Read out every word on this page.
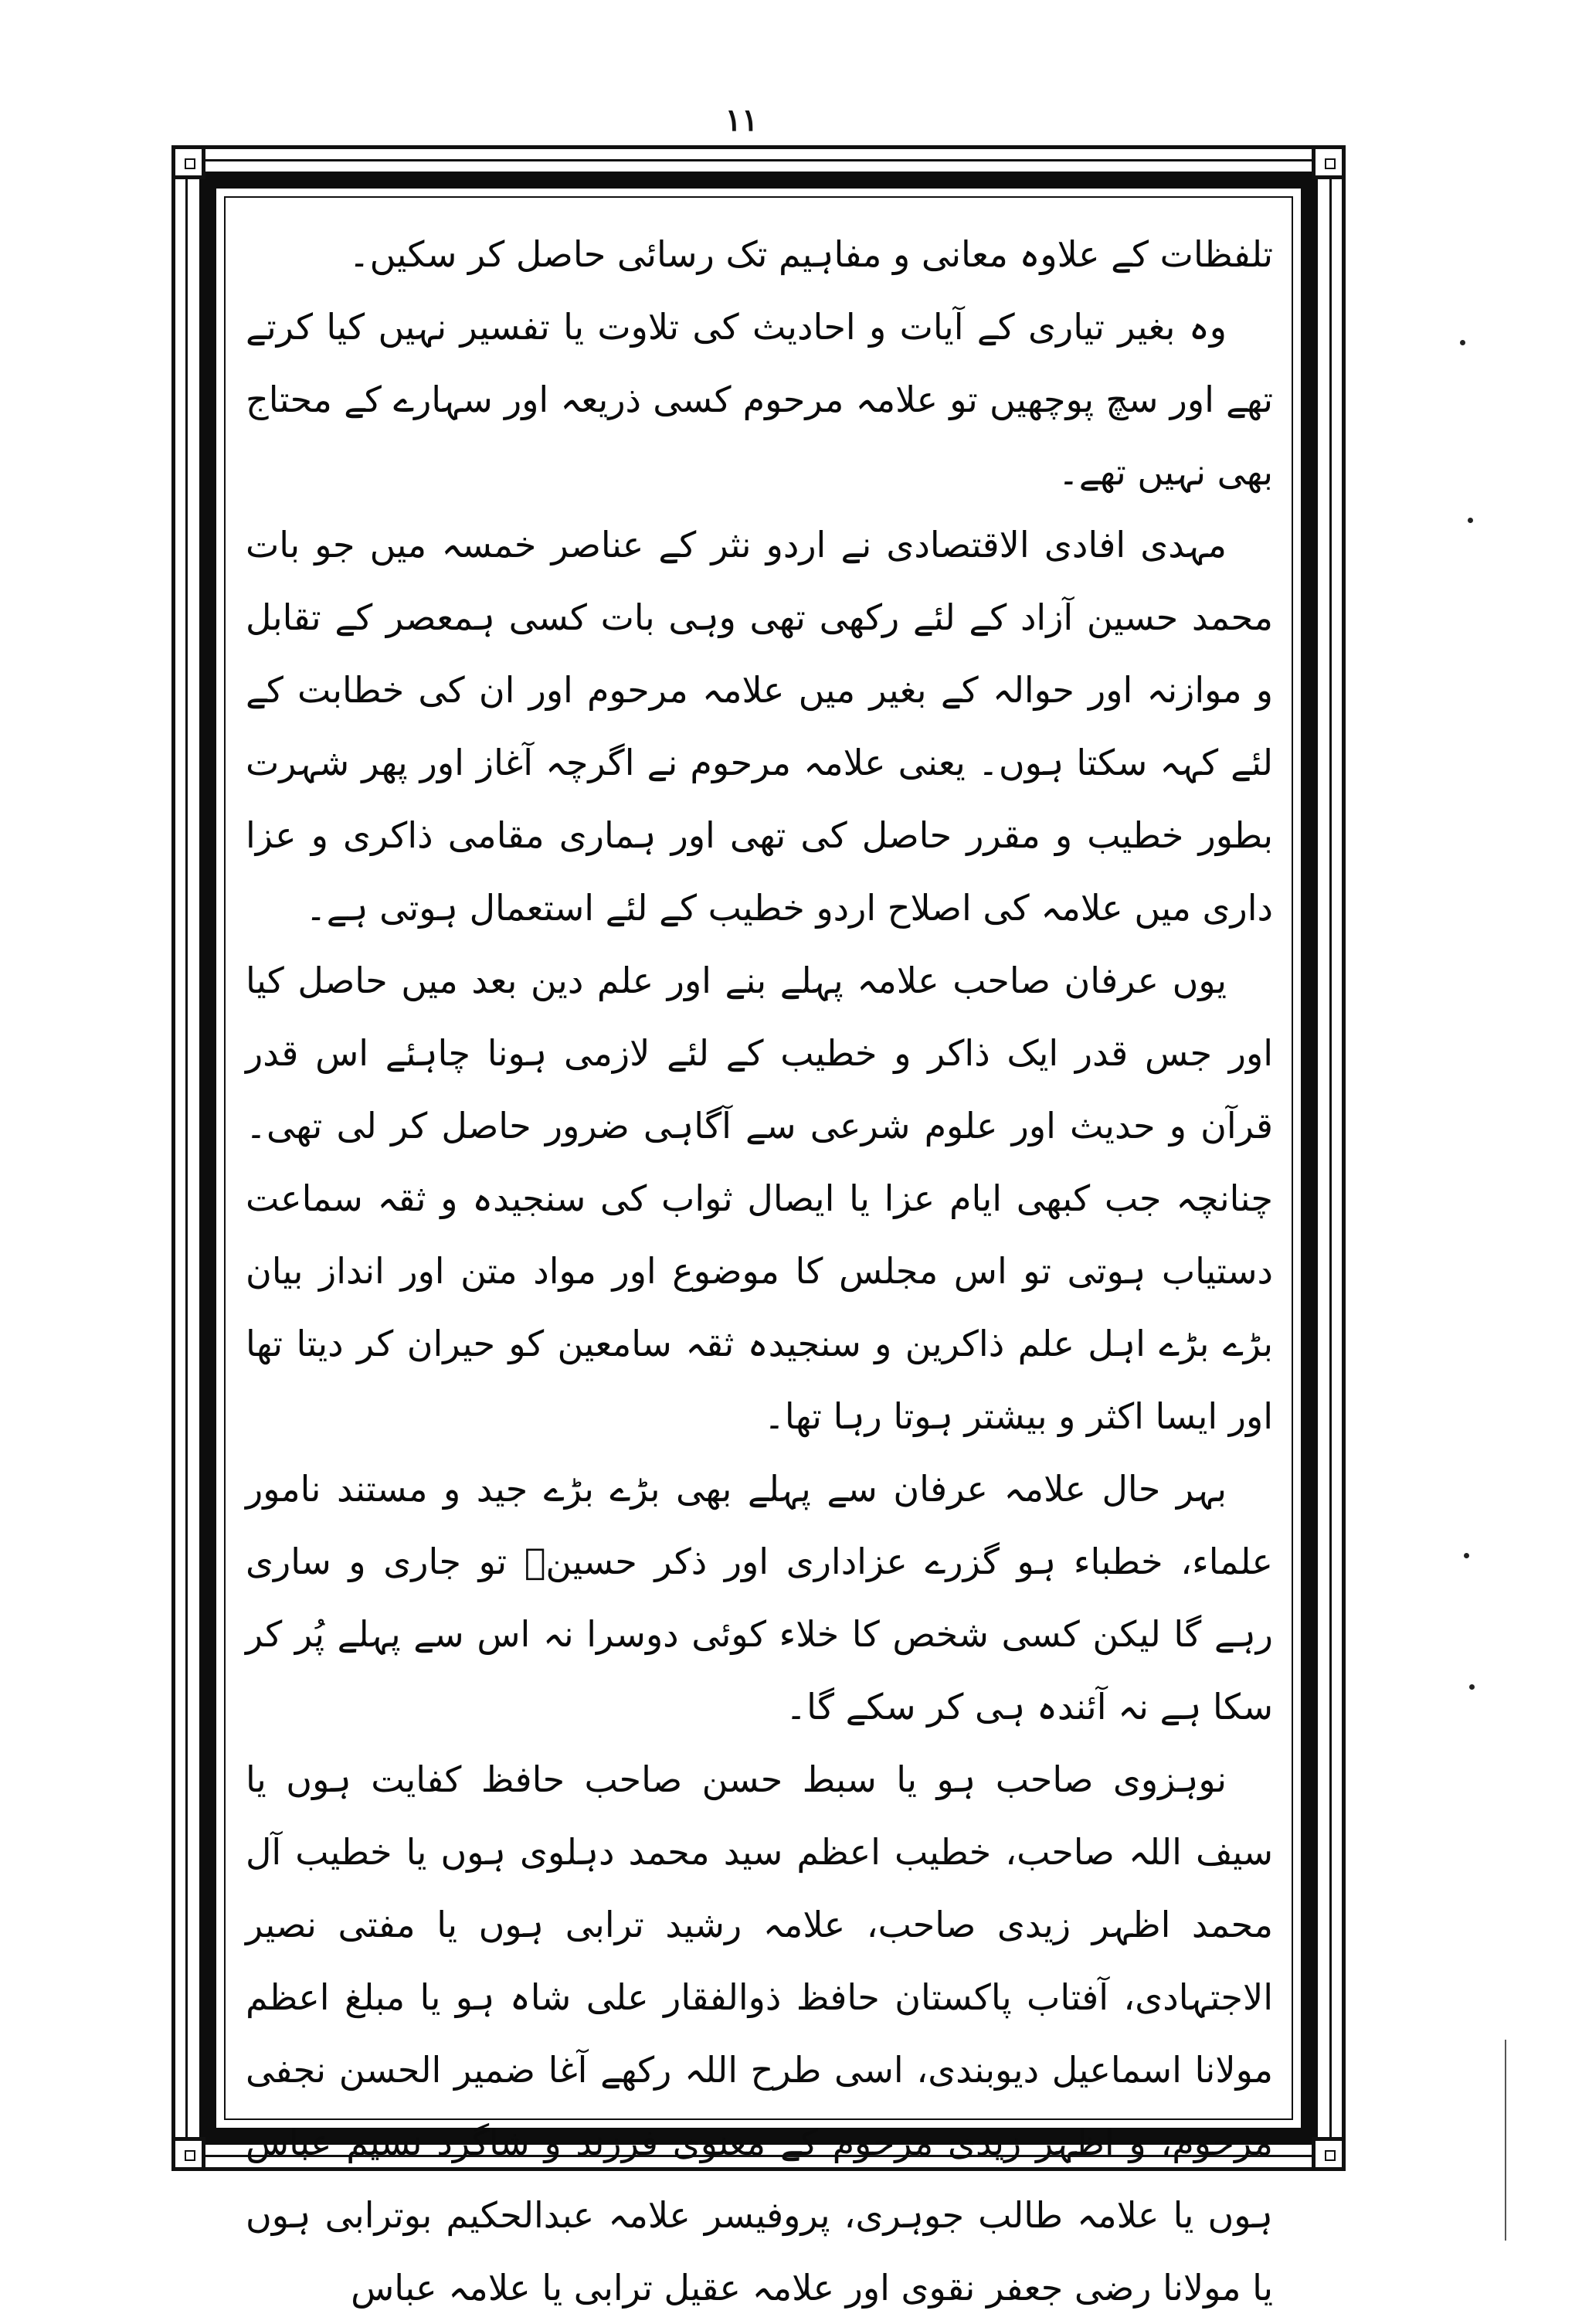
۱۱

تلفظات کے علاوہ معانی و مفاہیم تک رسائی حاصل کر سکیں۔

وہ بغیر تیاری کے آیات و احادیث کی تلاوت یا تفسیر نہیں کیا کرتے تھے اور سچ پوچھیں تو علامہ مرحوم کسی ذریعہ اور سہارے کے محتاج بھی نہیں تھے۔

مہدی افادی الاقتصادی نے اردو نثر کے عناصر خمسہ میں جو بات محمد حسین آزاد کے لئے رکھی تھی وہی بات کسی ہمعصر کے تقابل و موازنہ اور حوالہ کے بغیر میں علامہ مرحوم اور ان کی خطابت کے لئے کہہ سکتا ہوں۔ یعنی علامہ مرحوم نے اگرچہ آغاز اور پھر شہرت بطور خطیب و مقرر حاصل کی تھی اور ہماری مقامی ذاکری و عزا داری میں علامہ کی اصلاح اردو خطیب کے لئے استعمال ہوتی ہے۔

یوں عرفان صاحب علامہ پہلے بنے اور علم دین بعد میں حاصل کیا اور جس قدر ایک ذاکر و خطیب کے لئے لازمی ہونا چاہئے اس قدر قرآن و حدیث اور علوم شرعی سے آگاہی ضرور حاصل کر لی تھی۔ چنانچہ جب کبھی ایام عزا یا ایصال ثواب کی سنجیدہ و ثقہ سماعت دستیاب ہوتی تو اس مجلس کا موضوع اور مواد متن اور انداز بیان بڑے بڑے اہل علم ذاکرین و سنجیدہ ثقہ سامعین کو حیران کر دیتا تھا اور ایسا اکثر و بیشتر ہوتا رہا تھا۔

بہر حال علامہ عرفان سے پہلے بھی بڑے بڑے جید و مستند نامور علماء، خطباء ہو گزرے عزاداری اور ذکر حسینؑ تو جاری و ساری رہے گا لیکن کسی شخص کا خلاء کوئی دوسرا نہ اس سے پہلے پُر کر سکا ہے نہ آئندہ ہی کر سکے گا۔

نوہزوی صاحب ہو یا سبط حسن صاحب حافظ کفایت ہوں یا سیف اللہ صاحب، خطیب اعظم سید محمد دہلوی ہوں یا خطیب آل محمد اظہر زیدی صاحب، علامہ رشید ترابی ہوں یا مفتی نصیر الاجتہادی، آفتاب پاکستان حافظ ذوالفقار علی شاہ ہو یا مبلغ اعظم مولانا اسماعیل دیوبندی، اسی طرح اللہ رکھے آغا ضمیر الحسن نجفی مرحوم، و اظہر زیدی مرحوم کے معنوی فرزند و شاگرد نسیم عباس ہوں یا علامہ طالب جوہری، پروفیسر علامہ عبدالحکیم بوترابی ہوں یا مولانا رضی جعفر نقوی اور علامہ عقیل ترابی یا علامہ عباس
